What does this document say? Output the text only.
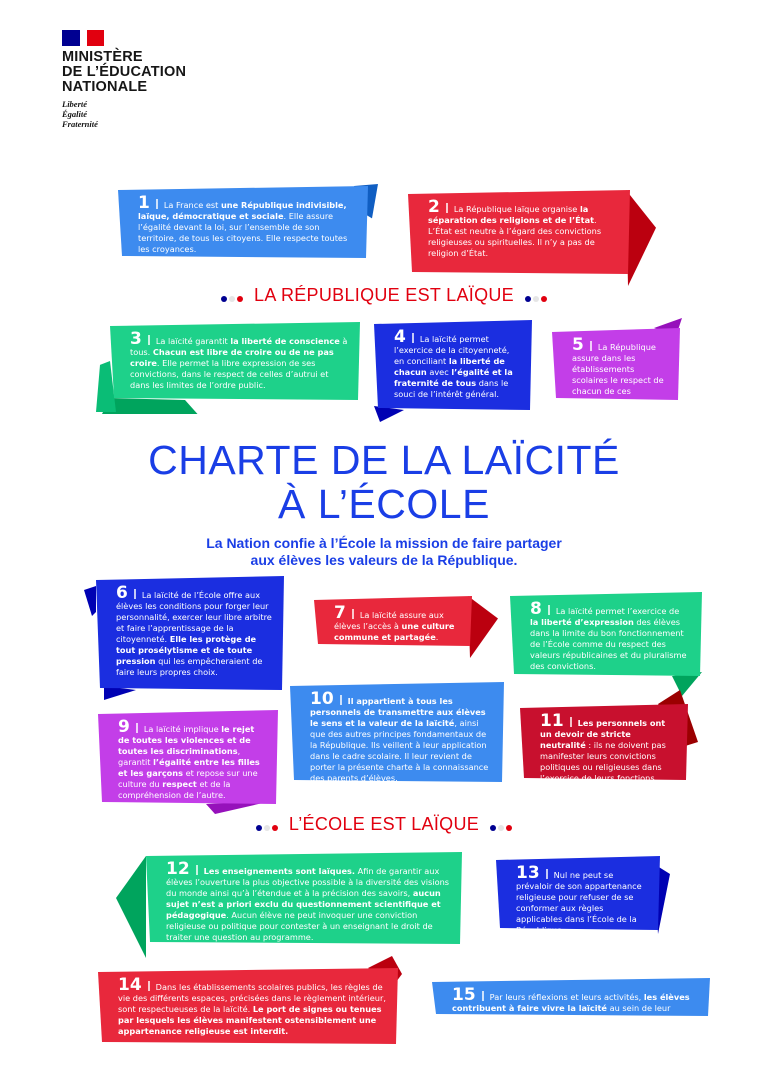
MINISTÈRE
DE L’ÉDUCATION
NATIONALE
Liberté
Égalité
Fraternité
1 La France est une République indivisible, laïque, démocratique et sociale. Elle assure l’égalité devant la loi, sur l’ensemble de son territoire, de tous les citoyens. Elle respecte toutes les croyances.
2 La République laïque organise la séparation des religions et de l’État. L’État est neutre à l’égard des convictions religieuses ou spirituelles. Il n’y a pas de religion d’État.
3 La laïcité garantit la liberté de conscience à tous. Chacun est libre de croire ou de ne pas croire. Elle permet la libre expression de ses convictions, dans le respect de celles d’autrui et dans les limites de l’ordre public.
4 La laïcité permet l’exercice de la citoyenneté, en conciliant la liberté de chacun avec l’égalité et la fraternité de tous dans le souci de l’intérêt général.
5 La République assure dans les établissements scolaires le respect de chacun de ces principes.
LA RÉPUBLIQUE EST LAÏQUE
CHARTE DE LA LAÏCITÉ
À L’ÉCOLE
La Nation confie à l’École la mission de faire partager
aux élèves les valeurs de la République.
6 La laïcité de l’École offre aux élèves les conditions pour forger leur personnalité, exercer leur libre arbitre et faire l’apprentissage de la citoyenneté. Elle les protège de tout prosélytisme et de toute pression qui les empêcheraient de faire leurs propres choix.
7 La laïcité assure aux élèves l’accès à une culture commune et partagée.
8 La laïcité permet l’exercice de la liberté d’expression des élèves dans la limite du bon fonctionnement de l’École comme du respect des valeurs républicaines et du pluralisme des convictions.
9 La laïcité implique le rejet de toutes les violences et de toutes les discriminations, garantit l’égalité entre les filles et les garçons et repose sur une culture du respect et de la compréhension de l’autre.
10 Il appartient à tous les personnels de transmettre aux élèves le sens et la valeur de la laïcité, ainsi que des autres principes fondamentaux de la République. Ils veillent à leur application dans le cadre scolaire. Il leur revient de porter la présente charte à la connaissance des parents d’élèves.
11 Les personnels ont un devoir de stricte neutralité : ils ne doivent pas manifester leurs convictions politiques ou religieuses dans l’exercice de leurs fonctions.
L’ÉCOLE EST LAÏQUE
12 Les enseignements sont laïques. Afin de garantir aux élèves l’ouverture la plus objective possible à la diversité des visions du monde ainsi qu’à l’étendue et à la précision des savoirs, aucun sujet n’est a priori exclu du questionnement scientifique et pédagogique. Aucun élève ne peut invoquer une conviction religieuse ou politique pour contester à un enseignant le droit de traiter une question au programme.
13 Nul ne peut se prévaloir de son appartenance religieuse pour refuser de se conformer aux règles applicables dans l’École de la République.
14 Dans les établissements scolaires publics, les règles de vie des différents espaces, précisées dans le règlement intérieur, sont respectueuses de la laïcité. Le port de signes ou tenues par lesquels les élèves manifestent ostensiblement une appartenance religieuse est interdit.
15 Par leurs réflexions et leurs activités, les élèves contribuent à faire vivre la laïcité au sein de leur établissement.
